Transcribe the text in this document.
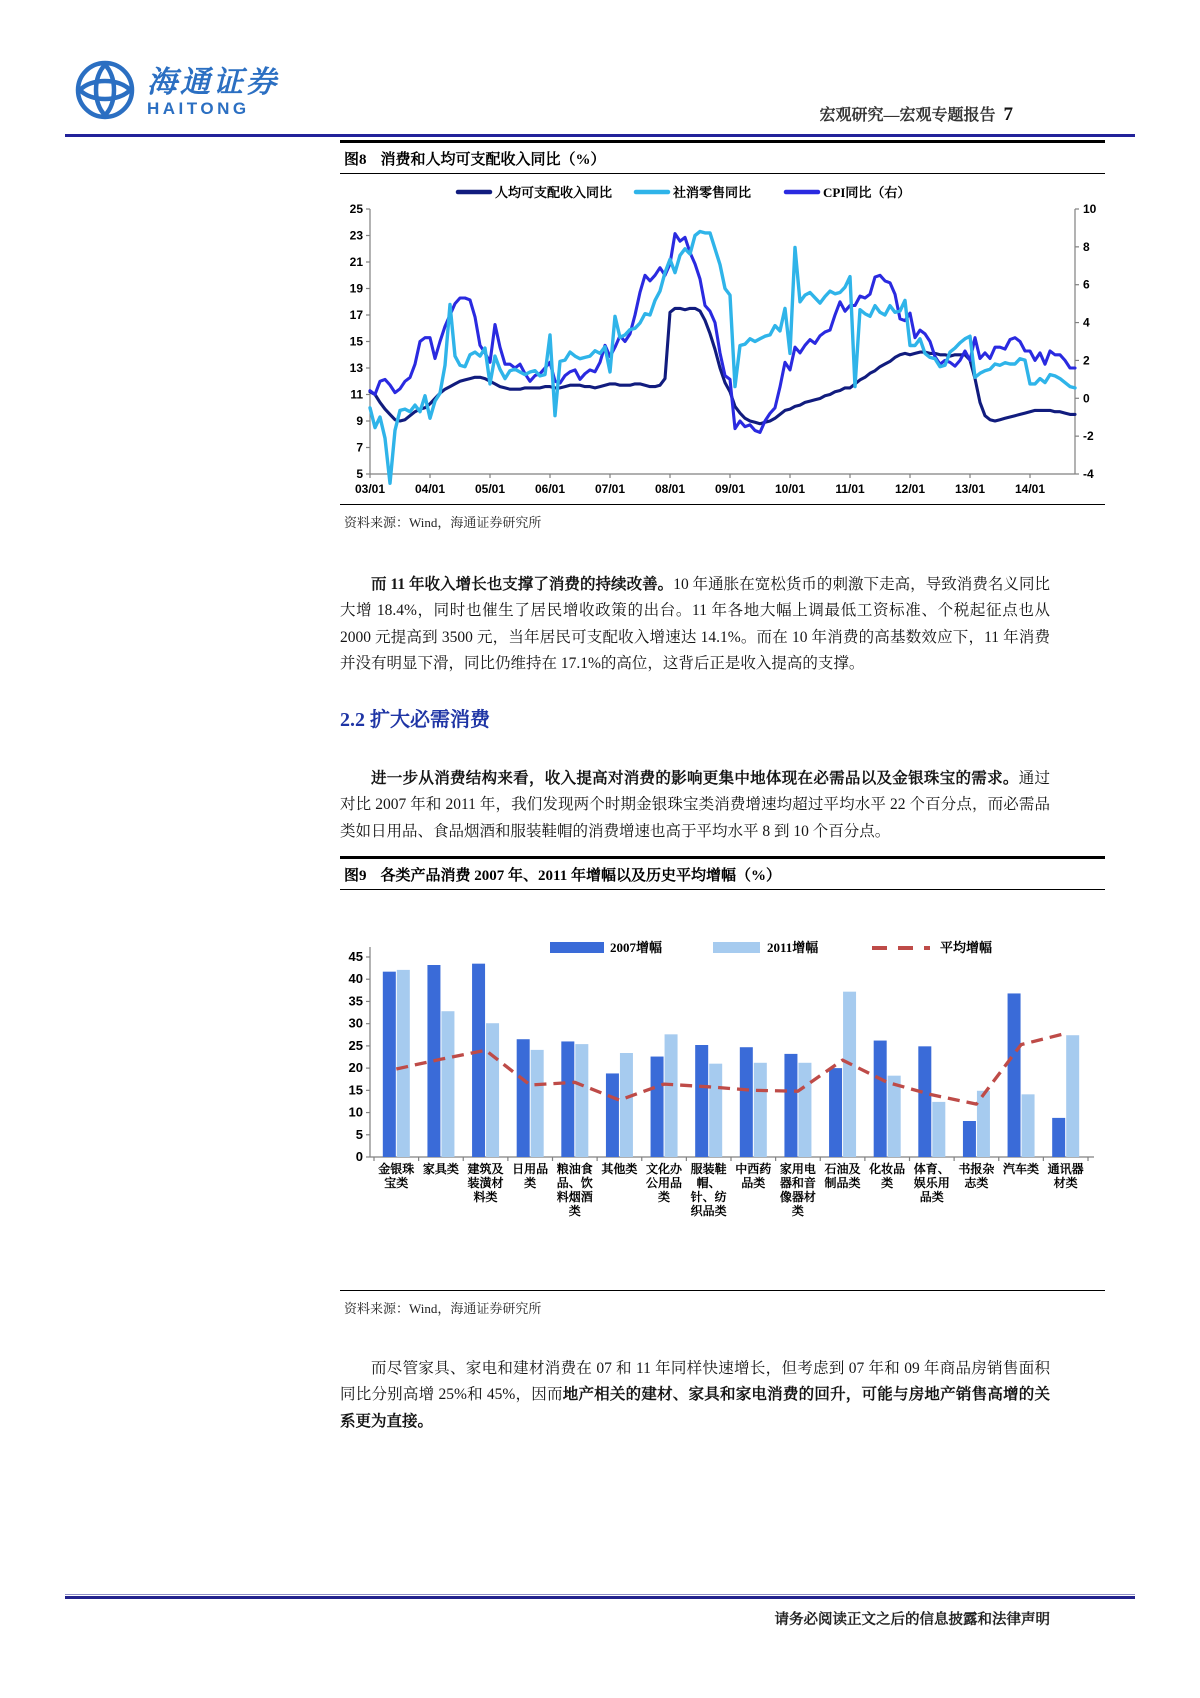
海通证券
HAITONG	宏观研究—宏观专题报告 7
图8 消费和人均可支配收入同比（%）
5
7
9
11
13
15
17
19
21
23
25
-4
-2
0
2
4
6
8
10
03/01 04/01 05/01 06/01 07/01 08/01 09/01 10/01	11/01	12/01 13/01 14/01
人均可支配收入同比	社消零售同比	CPI同比（右）
资料来源：Wind，海通证券研究所

而 11 年收入增长也支撑了消费的持续改善。10 年通胀在宽松货币的刺激下走高，导致消费名义同比大增 18.4%，同时也催生了居民增收政策的出台。11 年各地大幅上调最低工资标准、个税起征点也从 2000 元提高到 3500 元，当年居民可支配收入增速达 14.1%。而在 10 年消费的高基数效应下，11 年消费并没有明显下滑，同比仍维持在 17.1%的高位，这背后正是收入提高的支撑。

2.2 扩大必需消费

进一步从消费结构来看，收入提高对消费的影响更集中地体现在必需品以及金银珠宝的需求。通过对比 2007 年和 2011 年，我们发现两个时期金银珠宝类消费增速均超过平均水平 22 个百分点，而必需品类如日用品、食品烟酒和服装鞋帽的消费增速也高于平均水平 8 到 10 个百分点。

图9 各类产品消费 2007 年、2011 年增幅以及历史平均增幅（%）
0
5
10
15
20
25
30
35
40
45
金银珠宝类
家具类 建筑及装潢材料类
日用品类
粮油食品、饮料烟酒类
其他类 文化办公用品类
服装鞋帽、针、纺织品类
中西药品类
家用电器和音像器材类
石油及制品类
化妆品类
体育、娱乐用品类
书报杂志类
汽车类 通讯器材类
2007增幅	2011增幅	平均增幅
资料来源：Wind，海通证券研究所

而尽管家具、家电和建材消费在 07 和 11 年同样快速增长，但考虑到 07 年和 09 年商品房销售面积同比分别高增 25%和 45%，因而地产相关的建材、家具和家电消费的回升，可能与房地产销售高增的关系更为直接。

请务必阅读正文之后的信息披露和法律声明
